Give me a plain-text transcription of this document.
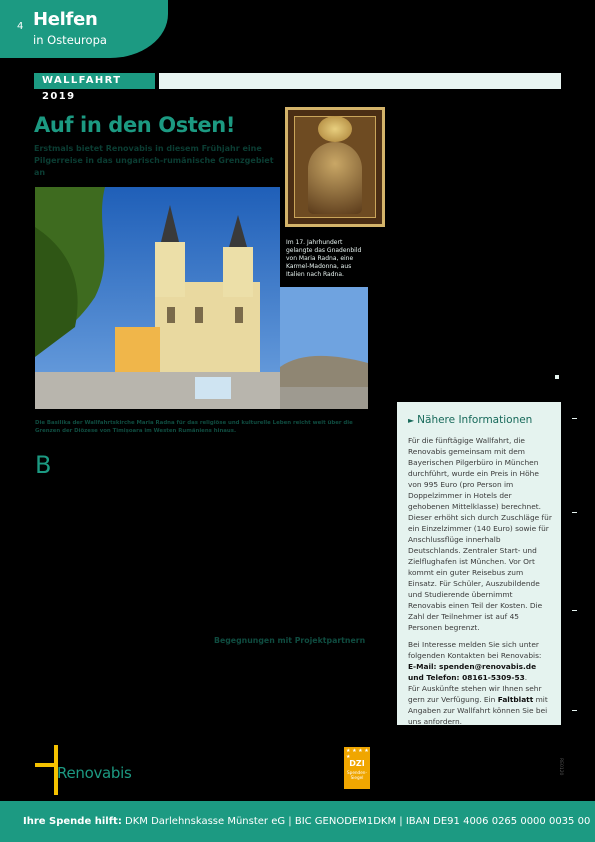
4 Helfen
in Osteuropa
WALLFAHRT 2019
Auf in den Osten!
Erstmals bietet Renovabis in diesem Frühjahr eine Pilgerreise in das ungarisch-rumänische Grenzgebiet an
Im 17. Jahrhundert gelangte das Gnadenbild von Maria Radna, eine Karmel-Madonna, aus Italien nach Radna.
Die Basilika der Wallfahrtskirche Maria Radna für das religiöse und kulturelle Leben reicht weit über die Grenzen der Diözese von Timișoara im Westen Rumäniens hinaus.
B
Begegnungen mit Projektpartnern
► Nähere Informationen

Für die fünftägige Wallfahrt, die Renovabis gemeinsam mit dem Bayerischen Pilgerbüro in München durchführt, wurde ein Preis in Höhe von 995 Euro (pro Person im Doppelzimmer in Hotels der gehobenen Mittelklasse) berechnet. Dieser erhöht sich durch Zuschläge für ein Einzelzimmer (140 Euro) sowie für Anschlussflüge innerhalb Deutschlands. Zentraler Start- und Zielflughafen ist München. Vor Ort kommt ein guter Reisebus zum Einsatz. Für Schüler, Auszubildende und Studierende übernimmt Renovabis einen Teil der Kosten. Die Zahl der Teilnehmer ist auf 45 Personen begrenzt.

Bei Interesse melden Sie sich unter folgenden Kontakten bei Renovabis:
E-Mail: spenden@renovabis.de
und Telefon: 08161-5309-53.
Für Auskünfte stehen wir Ihnen sehr gern zur Verfügung. Ein Faltblatt mit Angaben zur Wallfahrt können Sie bei uns anfordern.

Renovabis
★ ★ ★ ★ ★
DZI
Spenden-Siegel
RE0120
Ihre Spende hilft: DKM Darlehnskasse Münster eG | BIC GENODEM1DKM | IBAN DE91 4006 0265 0000 0035 00
